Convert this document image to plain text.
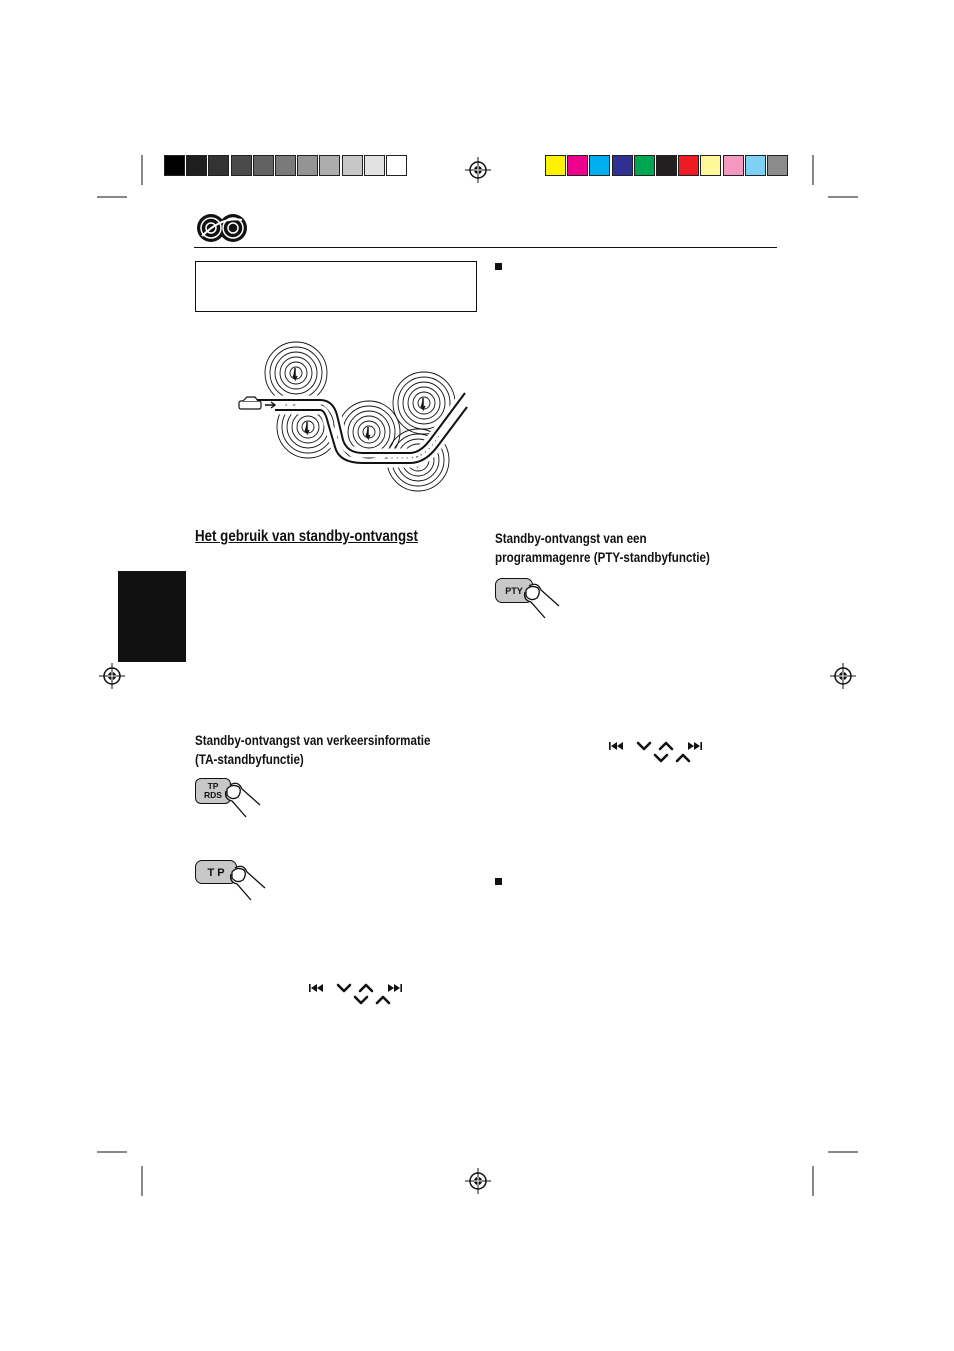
Het gebruik van standby-ontvangst
Standby-ontvangst van verkeersinformatie
(TA-standbyfunctie)
TP
RDS
T P
Standby-ontvangst van een
programmagenre (PTY-standbyfunctie)
PTY
